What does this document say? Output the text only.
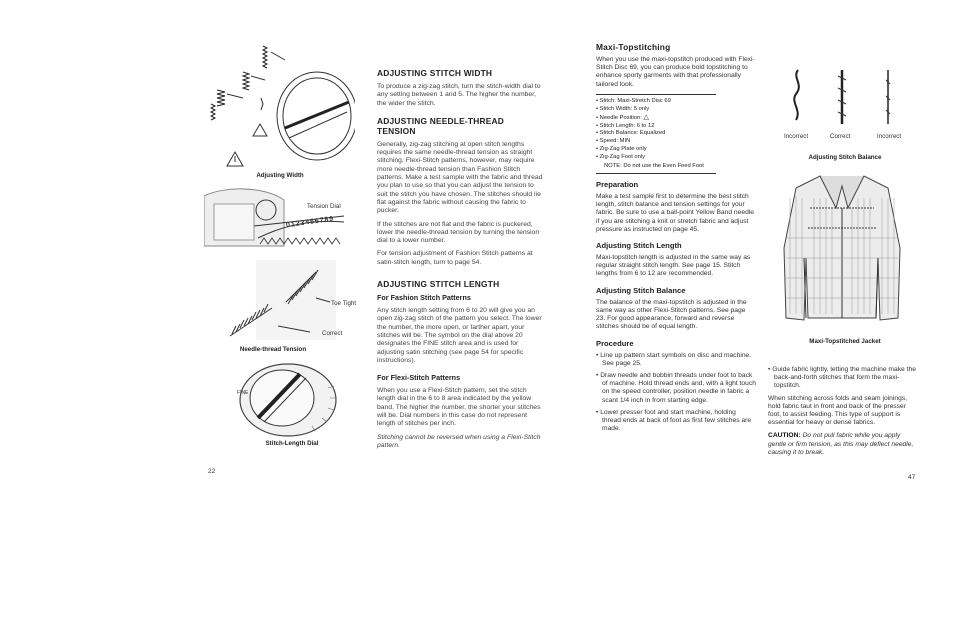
Adjusting Width
Tension Dial
0 1 2 3 4 5 6 7 8 9
Toe Tight
Correct
Needle-thread Tension
FINE
Stitch-Length Dial
22
ADJUSTING STITCH WIDTH

To produce a zig-zag stitch, turn the stitch-width dial to any setting between 1 and 5. The higher the number, the wider the stitch.

ADJUSTING NEEDLE-THREAD TENSION

Generally, zig-zag stitching at open stitch lengths requires the same needle-thread tension as straight stitching. Flexi-Stitch patterns, however, may require more needle-thread tension than Fashion Stitch patterns. Make a test sample with the fabric and thread you plan to use so that you can adjust the tension to suit the stitch you have chosen. The stitches should lie flat against the fabric without causing the fabric to pucker.

If the stitches are not flat and the fabric is puckered, lower the needle-thread tension by turning the tension dial to a lower number.

For tension adjustment of Fashion Stitch patterns at satin-stitch length, turn to page 54.

ADJUSTING STITCH LENGTH
For Fashion Stitch Patterns

Any stitch length setting from 6 to 20 will give you an open zig-zag stitch of the pattern you select. The lower the number, the more open, or farther apart, your stitches will be. The symbol on the dial above 20 designates the FINE stitch area and is used for adjusting satin stitching (see page 54 for specific instructions).

For Flexi-Stitch Patterns

When you use a Flexi-Stitch pattern, set the stitch length dial in the 6 to 8 area indicated by the yellow band. The higher the number, the shorter your stitches will be. Dial numbers in this case do not represent length of stitches per inch.

Stitching cannot be reversed when using a Flexi-Stitch pattern.

Maxi-Topstitching

When you use the maxi-topstitch produced with Flexi-Stitch Disc 69, you can produce bold topstitching to enhance sporty garments with that professionally tailored look.

• Stitch: Maxi-Stretch Disc 69
• Stitch Width: 5 only
• Needle Position: △
• Stitch Length: 6 to 12
• Stitch Balance: Equalized
• Speed: MIN
• Zig-Zag Plate only
• Zig-Zag Foot only
NOTE: Do not use the Even Feed Foot
Preparation

Make a test sample first to determine the best stitch length, stitch balance and tension settings for your fabric. Be sure to use a ball-point Yellow Band needle if you are stitching a knit or stretch fabric and adjust pressure as instructed on page 45.

Adjusting Stitch Length

Maxi-topstitch length is adjusted in the same way as regular straight stitch length. See page 15. Stitch lengths from 6 to 12 are recommended.

Adjusting Stitch Balance

The balance of the maxi-topstitch is adjusted in the same way as other Flexi-Stitch patterns. See page 23. For good appearance, forward and reverse stitches should be of equal length.

Procedure
• Line up pattern start symbols on disc and machine. See page 25.
• Draw needle and bobbin threads under foot to back of machine. Hold thread ends and, with a light touch on the speed controller, position needle in fabric a scant 1/4 inch in from starting edge.
• Lower presser foot and start machine, holding thread ends at back of foot as first few stitches are made.
Incorrect	Correct	Incorrect
Adjusting Stitch Balance
Maxi-Topstitched Jacket
• Guide fabric lightly, letting the machine make the back-and-forth stitches that form the maxi-topstitch.

When stitching across folds and seam joinings, hold fabric taut in front and back of the presser foot, to assist feeding. This type of support is essential for heavy or dense fabrics.

CAUTION: Do not pull fabric while you apply gentle or firm tension, as this may deflect needle, causing it to break.

47
